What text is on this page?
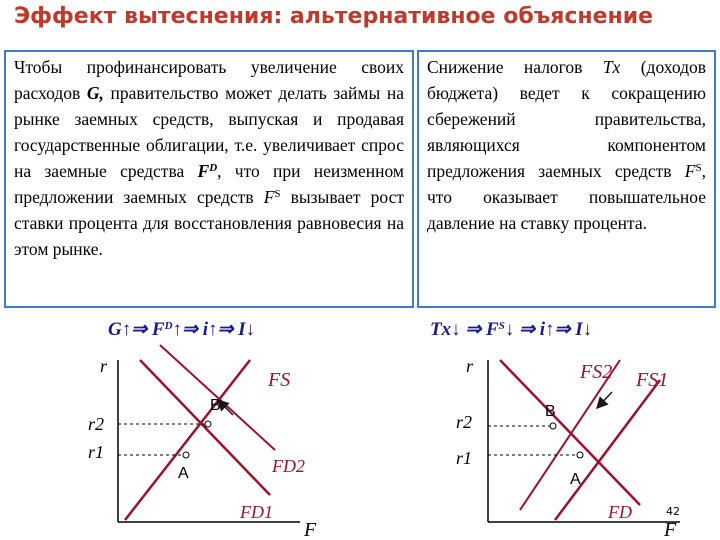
Эффект вытеснения: альтернативное объяснение
Чтобы профинансировать увеличение своих расходов G, правительство может делать займы на рынке заемных средств, выпуская и продавая государственные облигации, т.е. увеличивает спрос на заемные средства $F^D$, что при неизменном предложении заемных средств $F^S$ вызывает рост ставки процента для восстановления равновесия на этом рынке.
Снижение налогов Tx (доходов бюджета) ведет к сокращению сбережений правительства, являющихся компонентом предложения заемных средств $F^S$, что оказывает повышательное давление на ставку процента.
G↑⇒ $F^D↑\Rightarrow$ i↑⇒ I↓	Tx↓ ⇒ $F^S↓$ ⇒ i↑⇒ I↓
r
F
r2
r1
FS
FD2
FD1
B
A
r
F
r2
r1
FS2 FS1
FD
B
A
42
